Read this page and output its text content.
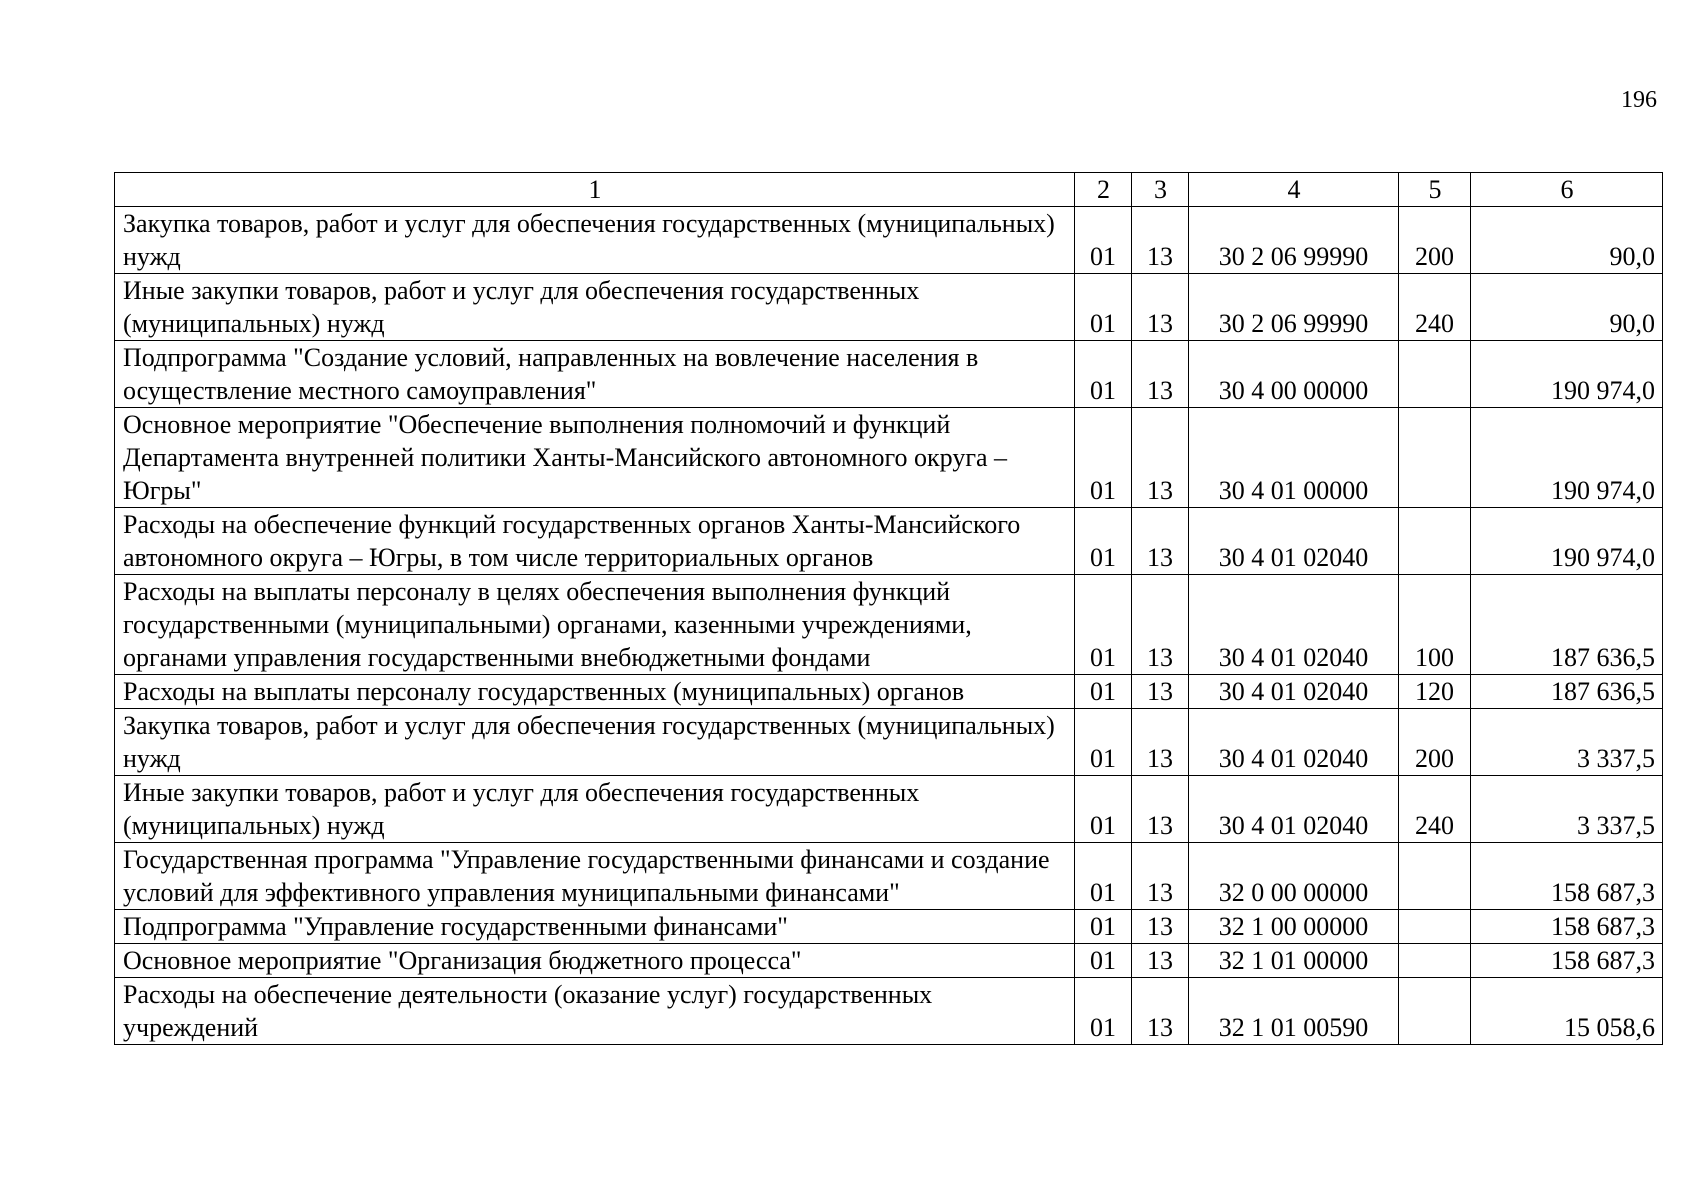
196
1	2	3	4	5	6
Закупка товаров, работ и услуг для обеспечения государственных (муниципальных) нужд	01	13	30 2 06 99990	200	90,0
Иные закупки товаров, работ и услуг для обеспечения государственных (муниципальных) нужд	01	13	30 2 06 99990	240	90,0
Подпрограмма "Создание условий, направленных на вовлечение населения в осуществление местного самоуправления"	01	13	30 4 00 00000		190 974,0
Основное мероприятие "Обеспечение выполнения полномочий и функций Департамента внутренней политики Ханты-Мансийского автономного округа – Югры"	01	13	30 4 01 00000		190 974,0
Расходы на обеспечение функций государственных органов Ханты-Мансийского автономного округа – Югры, в том числе территориальных органов	01	13	30 4 01 02040		190 974,0
Расходы на выплаты персоналу в целях обеспечения выполнения функций государственными (муниципальными) органами, казенными учреждениями, органами управления государственными внебюджетными фондами	01	13	30 4 01 02040	100	187 636,5
Расходы на выплаты персоналу государственных (муниципальных) органов	01	13	30 4 01 02040	120	187 636,5
Закупка товаров, работ и услуг для обеспечения государственных (муниципальных) нужд	01	13	30 4 01 02040	200	3 337,5
Иные закупки товаров, работ и услуг для обеспечения государственных (муниципальных) нужд	01	13	30 4 01 02040	240	3 337,5
Государственная программа "Управление государственными финансами и создание условий для эффективного управления муниципальными финансами"	01	13	32 0 00 00000		158 687,3
Подпрограмма "Управление государственными финансами"	01	13	32 1 00 00000		158 687,3
Основное мероприятие "Организация бюджетного процесса"	01	13	32 1 01 00000		158 687,3
Расходы на обеспечение деятельности (оказание услуг) государственных учреждений	01	13	32 1 01 00590		15 058,6
